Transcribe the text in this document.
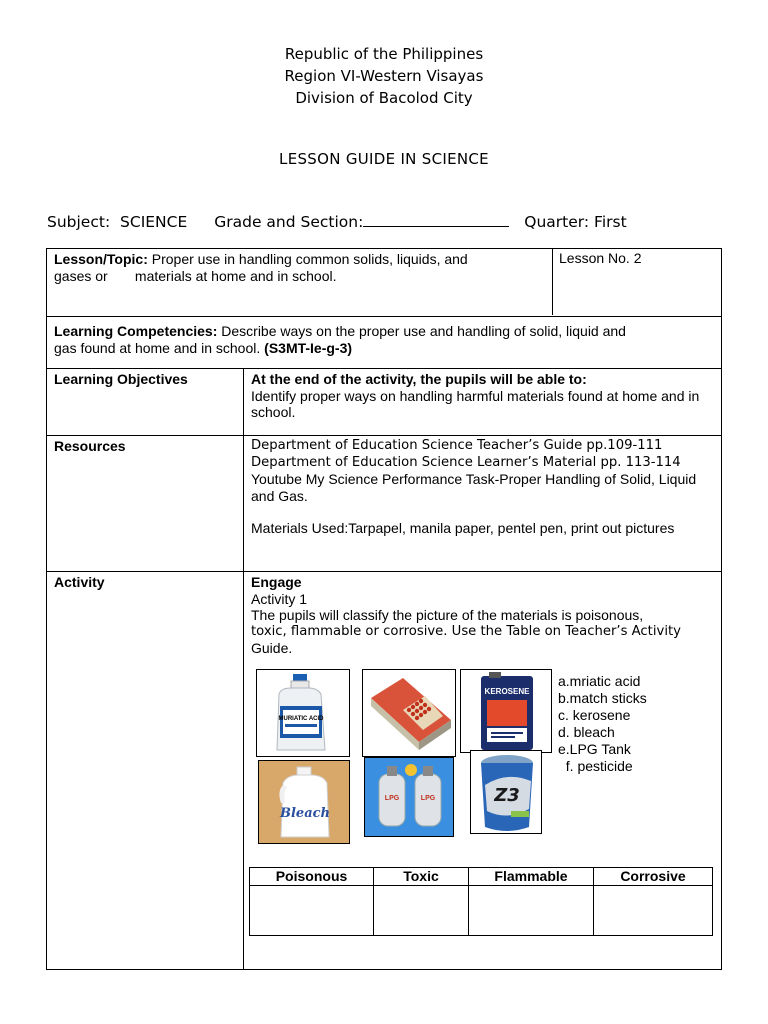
Republic of the Philippines
Region VI-Western Visayas
Division of Bacolod City
LESSON GUIDE IN SCIENCE
Subject: SCIENCE Grade and Section:	Quarter: First
Lesson/Topic: Proper use in handling common solids, liquids, and
gases or       materials at home and in school.
Lesson No. 2

Learning Competencies: Describe ways on the proper use and handling of solid, liquid and
gas found at home and in school. (S3MT-Ie-g-3)
Learning Objectives	At the end of the activity, the pupils will be able to:
Identify proper ways on handling harmful materials found at home and in school.

Resources	Department of Education Science Teacher’s Guide pp.109-111
Department of Education Science Learner’s Material pp. 113-114
Youtube My Science Performance Task-Proper Handling of Solid, Liquid and Gas.
Materials Used:Tarpapel, manila paper, pentel pen, print out pictures

Activity	Engage
Activity 1
The pupils will classify the picture of the materials is poisonous,
toxic, flammable or corrosive. Use the Table on Teacher’s Activity
Guide.
MURIATIC ACID
KEROSENE
Bleach
LPG	LPG	Z3
a.mriatic acid
b.match sticks
c. kerosene
d. bleach
e.LPG Tank
f. pesticide
Poisonous	Toxic	Flammable	Corrosive
